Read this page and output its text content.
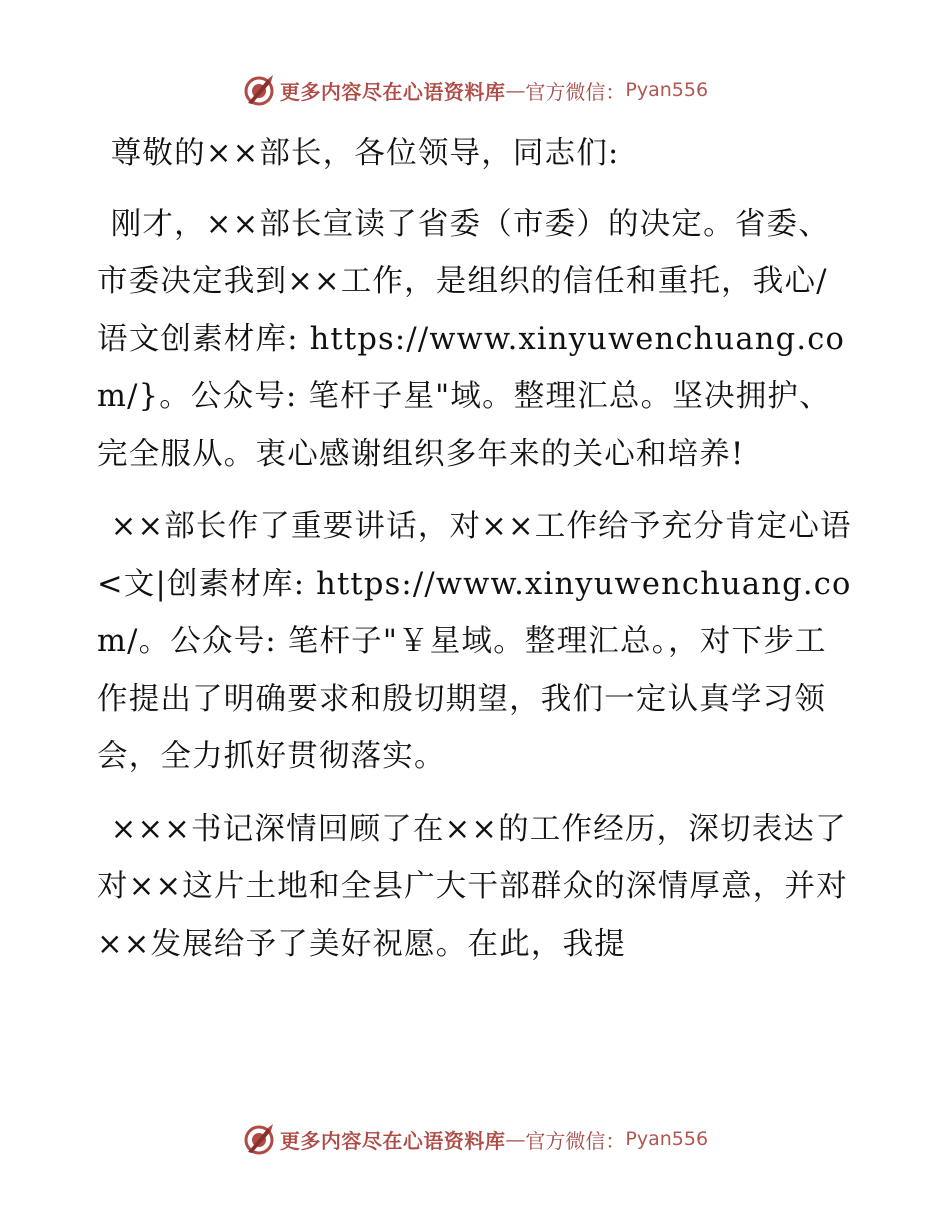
更多内容尽在心语资料库 — 官方微信： Pyan556

尊敬的××部长，各位领导，同志们:

刚才，××部长宣读了省委（市委）的决定。省委、市委决定我到××工作，是组织的信任和重托，我心/语文创素材库: https://www.xinyuwenchuang.com/}。公众号: 笔杆子星"域。整理汇总。坚决拥护、完全服从。衷心感谢组织多年来的关心和培养!

××部长作了重要讲话，对××工作给予充分肯定心语<文|创素材库: https://www.xinyuwenchuang.com/。公众号: 笔杆子"￥星域。整理汇总。，对下步工作提出了明确要求和殷切期望，我们一定认真学习领会，全力抓好贯彻落实。

×××书记深情回顾了在××的工作经历，深切表达了对××这片土地和全县广大干部群众的深情厚意，并对××发展给予了美好祝愿。在此，我提

更多内容尽在心语资料库 — 官方微信： Pyan556
